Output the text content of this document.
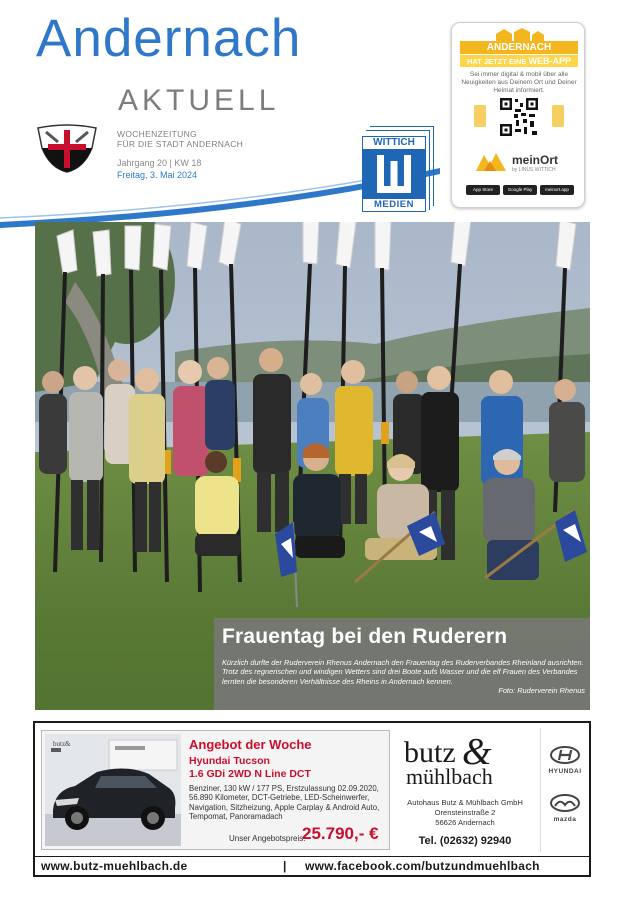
Andernach
AKTUELL
WOCHENZEITUNG
FÜR DIE STADT ANDERNACH
Jahrgang 20 | KW 18
Freitag, 3. Mai 2024
WITTICH
MEDIEN
ANDERNACH
HAT JETZT EINE WEB-APP
Sei immer digital & mobil über alle Neuigkeiten aus Deinem Ort und Deiner Heimat informiert.
meinOrt
by LINUS WITTICH
App Store	Google Play	meinort.app
Frauentag bei den Ruderern
Kürzlich durfte der Ruderverein Rhenus Andernach den Frauentag des Ruderverbandes Rheinland ausrichten. Trotz des regnerischen und windigen Wetters sind drei Boote aufs Wasser und die elf Frauen des Verbandes lernten die besonderen Verhältnisse des Rheins in Andernach kennen.
Foto: Ruderverein Rhenus
butz&	Angebot der Woche
Hyundai Tucson
1.6 GDi 2WD N Line DCT
Benziner, 130 kW / 177 PS, Erstzulassung 02.09.2020, 56.890 Kilometer, DCT-Getriebe, LED-Scheinwerfer, Navigation, Sitzheizung, Apple Carplay & Android Auto, Tempomat, Panoramadach
Unser Angebotspreis:
25.790,- €
butz &
mühlbach
Autohaus Butz & Mühlbach GmbH
Orensteinstraße 2
56626 Andernach
Tel. (02632) 92940
HYUNDAI
mazda
www.butz-muehlbach.de	| www.facebook.com/butzundmuehlbach
